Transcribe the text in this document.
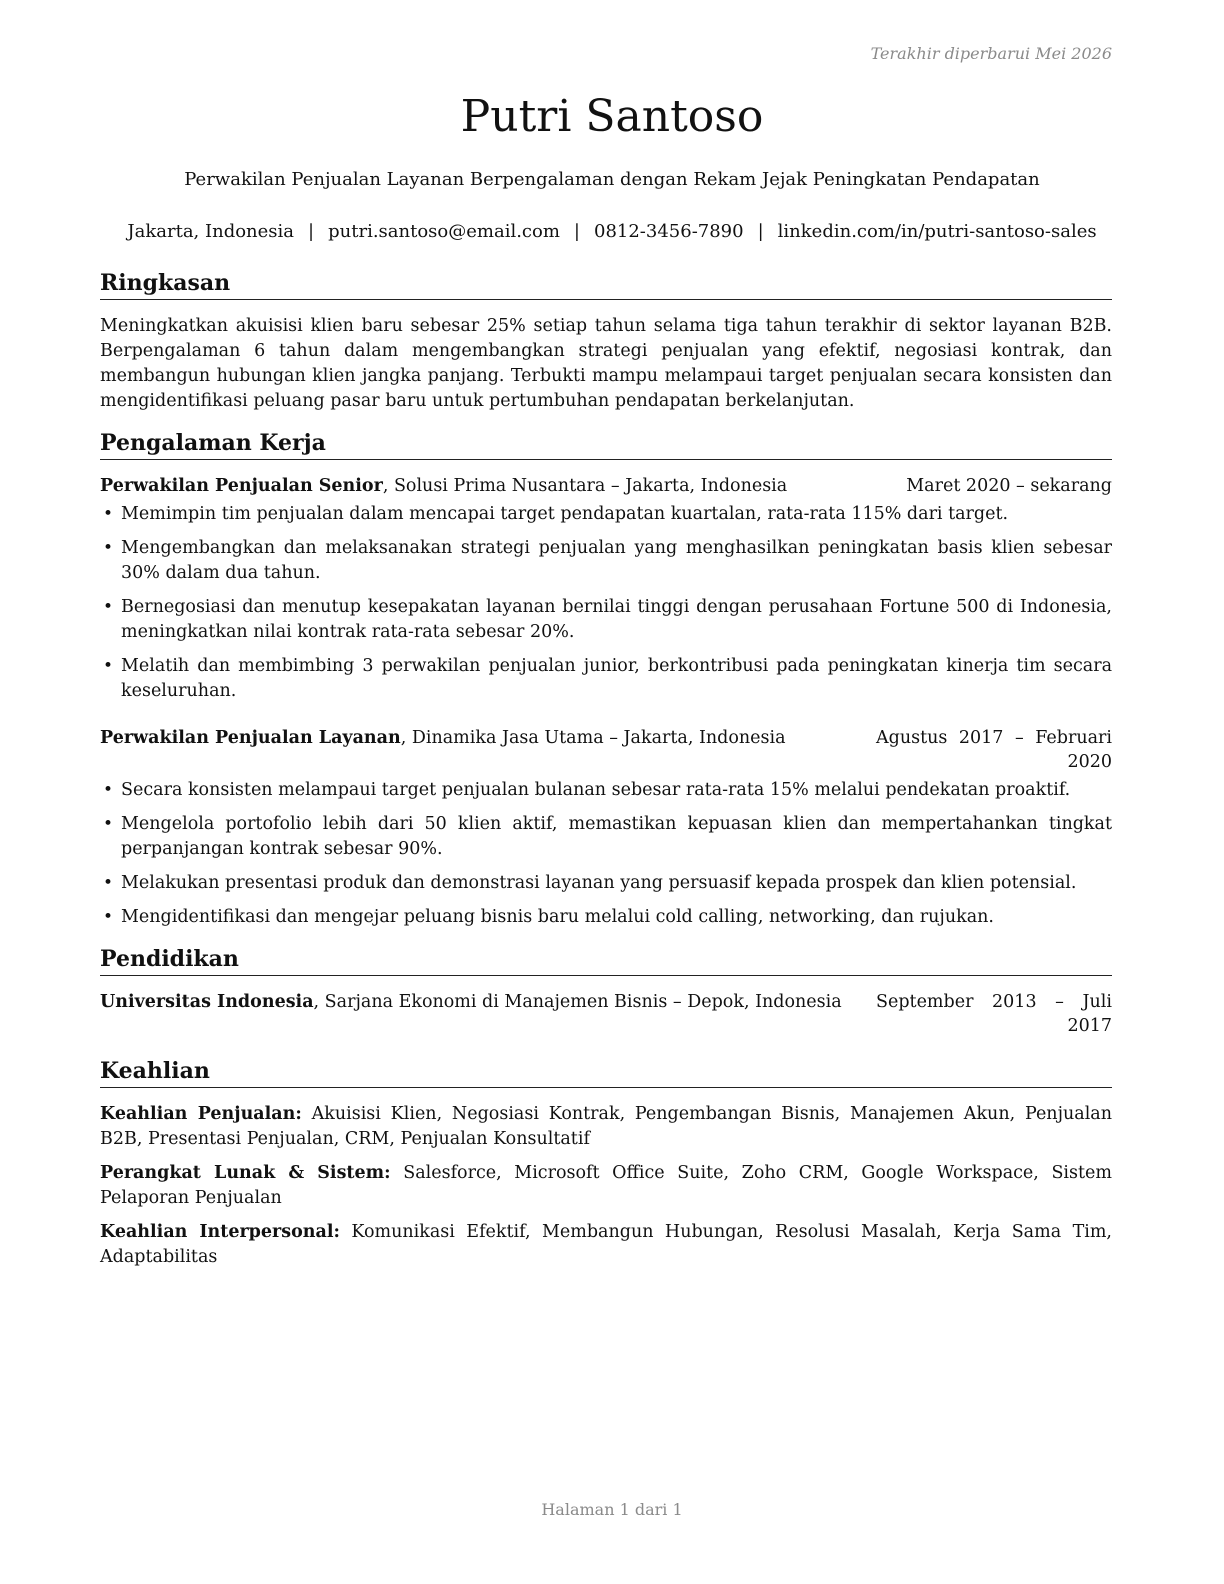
Terakhir diperbarui Mei 2026
Putri Santoso
Perwakilan Penjualan Layanan Berpengalaman dengan Rekam Jejak Peningkatan Pendapatan
Jakarta, Indonesia | putri.santoso@email.com | 0812-3456-7890 | linkedin.com/in/putri-santoso-sales
Ringkasan

Meningkatkan akuisisi klien baru sebesar 25% setiap tahun selama tiga tahun terakhir di sektor layanan B2B. Berpengalaman 6 tahun dalam mengembangkan strategi penjualan yang efektif, negosiasi kontrak, dan membangun hubungan klien jangka panjang. Terbukti mampu melampaui target penjualan secara konsisten dan mengidentifikasi peluang pasar baru untuk pertumbuhan pendapatan berkelanjutan.

Pengalaman Kerja
Perwakilan Penjualan Senior, Solusi Prima Nusantara – Jakarta, Indonesia	Maret 2020 – sekarang
• Memimpin tim penjualan dalam mencapai target pendapatan kuartalan, rata-rata 115% dari target.
• Mengembangkan dan melaksanakan strategi penjualan yang menghasilkan peningkatan basis klien sebesar 30% dalam dua tahun.
• Bernegosiasi dan menutup kesepakatan layanan bernilai tinggi dengan perusahaan Fortune 500 di Indonesia, meningkatkan nilai kontrak rata-rata sebesar 20%.
• Melatih dan membimbing 3 perwakilan penjualan junior, berkontribusi pada peningkatan kinerja tim secara keseluruhan.
Perwakilan Penjualan Layanan, Dinamika Jasa Utama – Jakarta, Indonesia	Agustus 2017 – Februari 2020
• Secara konsisten melampaui target penjualan bulanan sebesar rata-rata 15% melalui pendekatan proaktif.
• Mengelola portofolio lebih dari 50 klien aktif, memastikan kepuasan klien dan mempertahankan tingkat perpanjangan kontrak sebesar 90%.
• Melakukan presentasi produk dan demonstrasi layanan yang persuasif kepada prospek dan klien potensial.
• Mengidentifikasi dan mengejar peluang bisnis baru melalui cold calling, networking, dan rujukan.
Pendidikan
Universitas Indonesia, Sarjana Ekonomi di Manajemen Bisnis – Depok, Indonesia	September 2013 – Juli 2017
Keahlian
Keahlian Penjualan: Akuisisi Klien, Negosiasi Kontrak, Pengembangan Bisnis, Manajemen Akun, Penjualan B2B, Presentasi Penjualan, CRM, Penjualan Konsultatif
Perangkat Lunak & Sistem: Salesforce, Microsoft Office Suite, Zoho CRM, Google Workspace, Sistem Pelaporan Penjualan
Keahlian Interpersonal: Komunikasi Efektif, Membangun Hubungan, Resolusi Masalah, Kerja Sama Tim, Adaptabilitas
Halaman 1 dari 1
